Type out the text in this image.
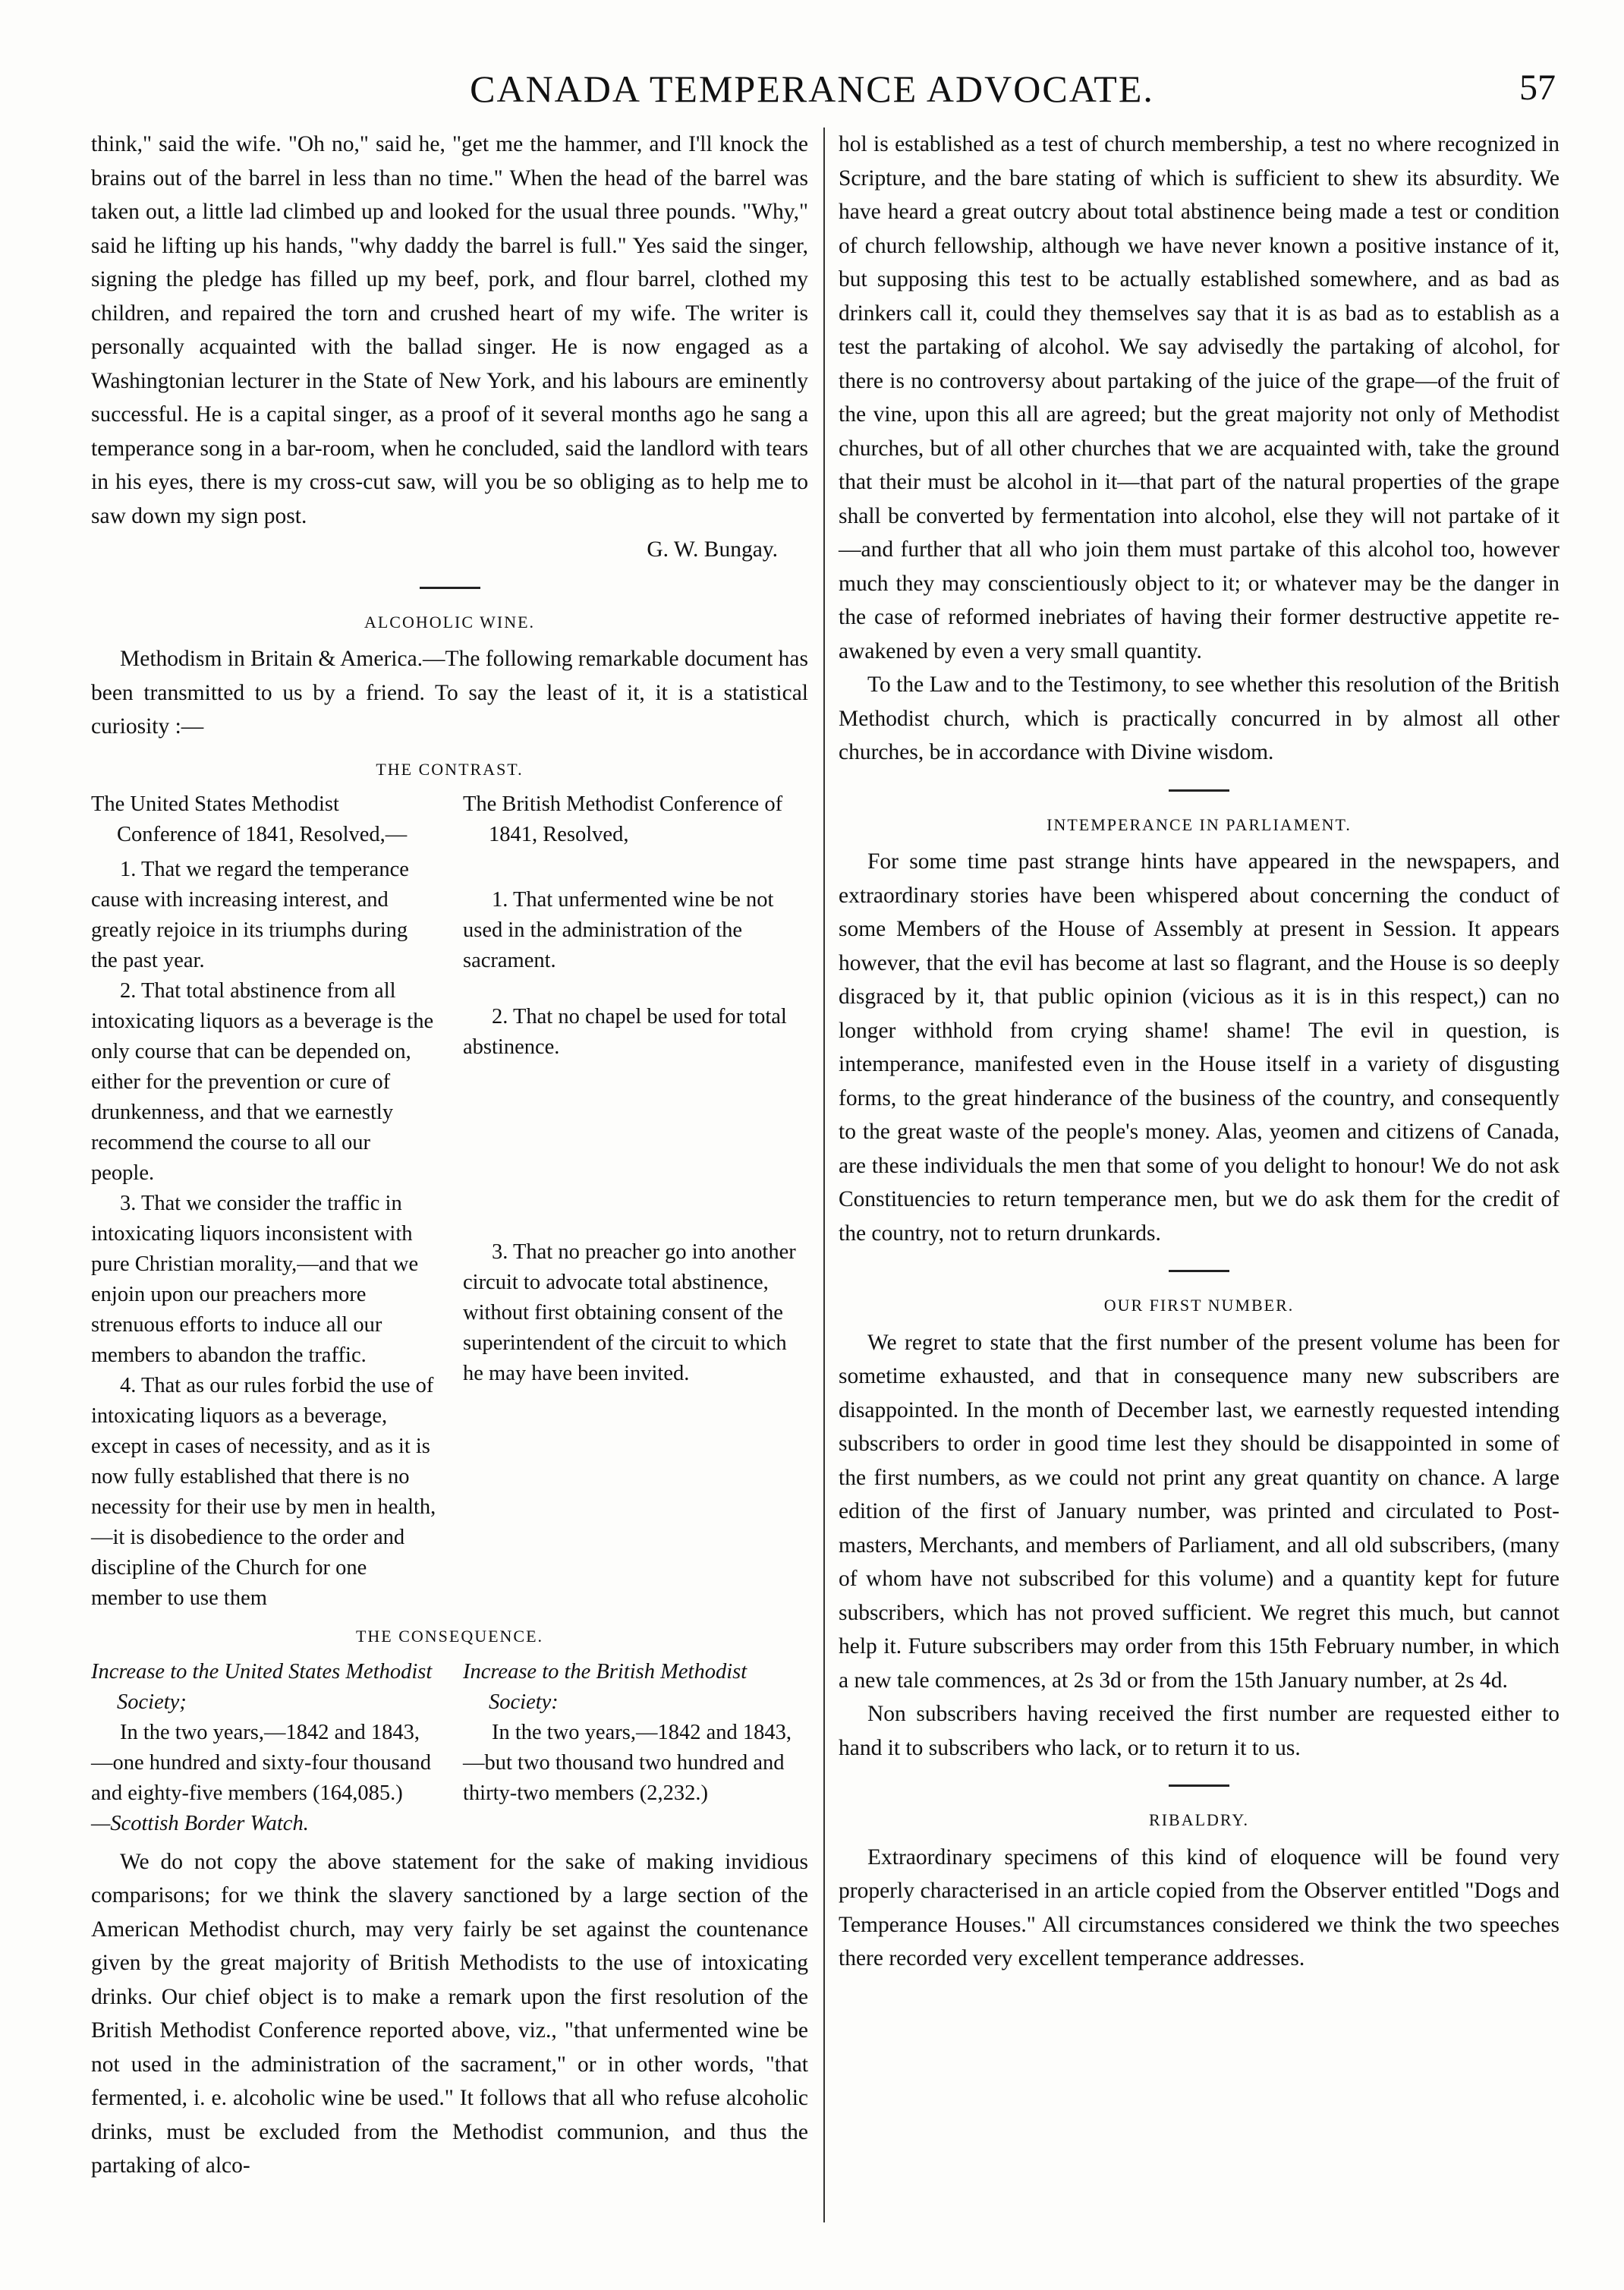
CANADA TEMPERANCE ADVOCATE.	57

think," said the wife. "Oh no," said he, "get me the hammer, and I'll knock the brains out of the barrel in less than no time." When the head of the barrel was taken out, a little lad climbed up and looked for the usual three pounds. "Why," said he lifting up his hands, "why daddy the barrel is full." Yes said the singer, signing the pledge has filled up my beef, pork, and flour barrel, clothed my children, and repaired the torn and crushed heart of my wife. The writer is personally acquainted with the ballad singer. He is now engaged as a Washingtonian lecturer in the State of New York, and his labours are eminently successful. He is a capital singer, as a proof of it several months ago he sang a temperance song in a bar-room, when he concluded, said the landlord with tears in his eyes, there is my cross-cut saw, will you be so obliging as to help me to saw down my sign post.

G. W. Bungay.

ALCOHOLIC WINE.

Methodism in Britain & America.—The following remarkable document has been transmitted to us by a friend. To say the least of it, it is a statistical curiosity :—

THE CONTRAST.

The United States Methodist Conference of 1841, Resolved,—

1. That we regard the temperance cause with increasing interest, and greatly rejoice in its triumphs during the past year.

2. That total abstinence from all intoxicating liquors as a beverage is the only course that can be depended on, either for the prevention or cure of drunkenness, and that we earnestly recommend the course to all our people.

3. That we consider the traffic in intoxicating liquors inconsistent with pure Christian morality,—and that we enjoin upon our preachers more strenuous efforts to induce all our members to abandon the traffic.

4. That as our rules forbid the use of intoxicating liquors as a beverage, except in cases of necessity, and as it is now fully established that there is no necessity for their use by men in health,—it is disobedience to the order and discipline of the Church for one member to use them

The British Methodist Conference of 1841, Resolved,

1. That unfermented wine be not used in the administration of the sacrament.

2. That no chapel be used for total abstinence.

3. That no preacher go into another circuit to advocate total abstinence, without first obtaining consent of the superintendent of the circuit to which he may have been invited.

THE CONSEQUENCE.

Increase to the United States Methodist Society;

In the two years,—1842 and 1843,—one hundred and sixty-four thousand and eighty-five members (164,085.)

—Scottish Border Watch.

Increase to the British Methodist Society:

In the two years,—1842 and 1843,—but two thousand two hundred and thirty-two members (2,232.)

We do not copy the above statement for the sake of making invidious comparisons; for we think the slavery sanctioned by a large section of the American Methodist church, may very fairly be set against the countenance given by the great majority of British Methodists to the use of intoxicating drinks. Our chief object is to make a remark upon the first resolution of the British Methodist Conference reported above, viz., "that unfermented wine be not used in the administration of the sacrament," or in other words, "that fermented, i. e. alcoholic wine be used." It follows that all who refuse alcoholic drinks, must be excluded from the Methodist communion, and thus the partaking of alco-

hol is established as a test of church membership, a test no where recognized in Scripture, and the bare stating of which is sufficient to shew its absurdity. We have heard a great outcry about total abstinence being made a test or condition of church fellowship, although we have never known a positive instance of it, but supposing this test to be actually established somewhere, and as bad as drinkers call it, could they themselves say that it is as bad as to establish as a test the partaking of alcohol. We say advisedly the partaking of alcohol, for there is no controversy about partaking of the juice of the grape—of the fruit of the vine, upon this all are agreed; but the great majority not only of Methodist churches, but of all other churches that we are acquainted with, take the ground that their must be alcohol in it—that part of the natural properties of the grape shall be converted by fermentation into alcohol, else they will not partake of it—and further that all who join them must partake of this alcohol too, however much they may conscientiously object to it; or whatever may be the danger in the case of reformed inebriates of having their former destructive appetite re-awakened by even a very small quantity.

To the Law and to the Testimony, to see whether this resolution of the British Methodist church, which is practically concurred in by almost all other churches, be in accordance with Divine wisdom.

INTEMPERANCE IN PARLIAMENT.

For some time past strange hints have appeared in the newspapers, and extraordinary stories have been whispered about concerning the conduct of some Members of the House of Assembly at present in Session. It appears however, that the evil has become at last so flagrant, and the House is so deeply disgraced by it, that public opinion (vicious as it is in this respect,) can no longer withhold from crying shame! shame! The evil in question, is intemperance, manifested even in the House itself in a variety of disgusting forms, to the great hinderance of the business of the country, and consequently to the great waste of the people's money. Alas, yeomen and citizens of Canada, are these individuals the men that some of you delight to honour! We do not ask Constituencies to return temperance men, but we do ask them for the credit of the country, not to return drunkards.

OUR FIRST NUMBER.

We regret to state that the first number of the present volume has been for sometime exhausted, and that in consequence many new subscribers are disappointed. In the month of December last, we earnestly requested intending subscribers to order in good time lest they should be disappointed in some of the first numbers, as we could not print any great quantity on chance. A large edition of the first of January number, was printed and circulated to Post-masters, Merchants, and members of Parliament, and all old subscribers, (many of whom have not subscribed for this volume) and a quantity kept for future subscribers, which has not proved sufficient. We regret this much, but cannot help it. Future subscribers may order from this 15th February number, in which a new tale commences, at 2s 3d or from the 15th January number, at 2s 4d.

Non subscribers having received the first number are requested either to hand it to subscribers who lack, or to return it to us.

RIBALDRY.

Extraordinary specimens of this kind of eloquence will be found very properly characterised in an article copied from the Observer entitled "Dogs and Temperance Houses." All circumstances considered we think the two speeches there recorded very excellent temperance addresses.
